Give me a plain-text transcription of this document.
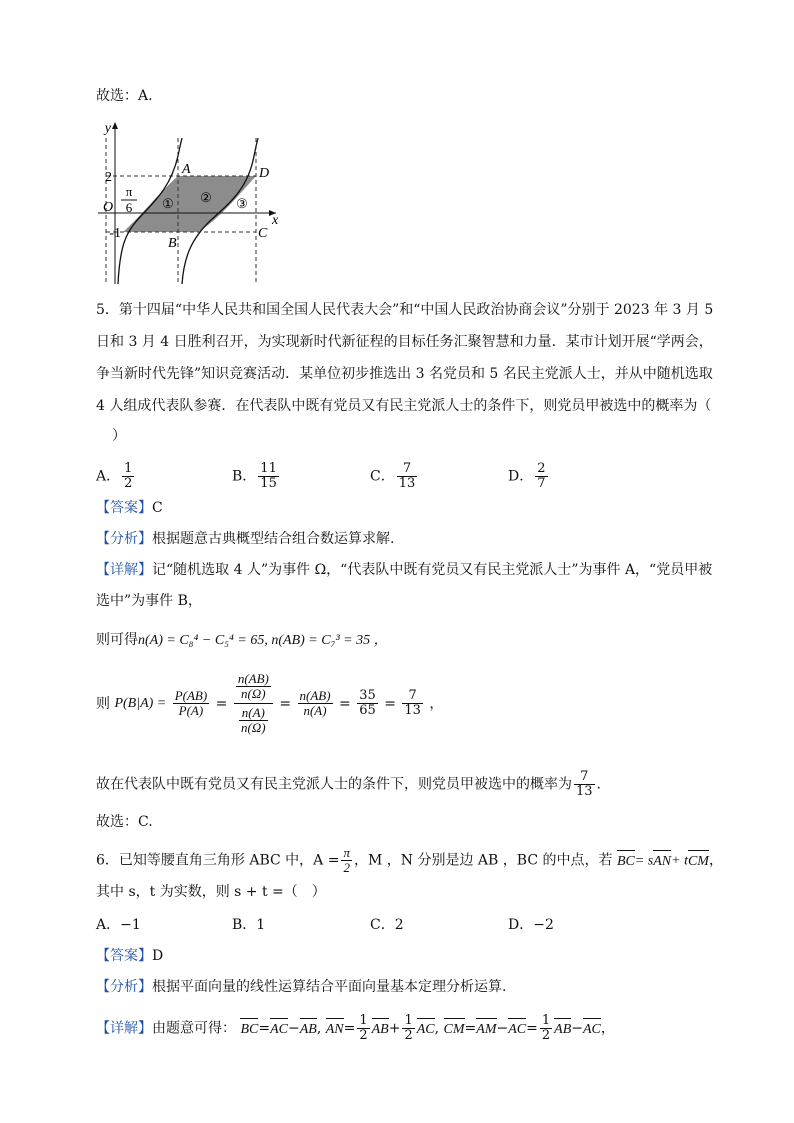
故选：A.
y
x
O
2
π
6
-1
A
B
C
D
① ② ③
5．第十四届“中华人民共和国全国人民代表大会”和“中国人民政治协商会议”分别于 2023 年 3 月 5
日和 3 月 4 日胜利召开，为实现新时代新征程的目标任务汇聚智慧和力量．某市计划开展“学两会，
争当新时代先锋”知识竞赛活动．某单位初步推选出 3 名党员和 5 名民主党派人士，并从中随机选取
4 人组成代表队参赛．在代表队中既有党员又有民主党派人士的条件下，则党员甲被选中的概率为（
）
A． $\frac{1}{2}$	B． $\frac{11}{15}$	C． $\frac{7}{13}$	D． $\frac{2}{7}$
【答案】C
【分析】根据题意古典概型结合组合数运算求解.
【详解】记“随机选取 4 人”为事件 Ω，“代表队中既有党员又有民主党派人士”为事件 A，“党员甲被
选中”为事件 B，
则可得n(A) = C₈⁴ − C₅⁴ = 65, n(AB) = C₇³ = 35 ，
则 $P(B|A) = \frac{P(AB)}{P(A)} = \frac{\frac{n(AB)}{n(\Omega)}}{\frac{n(A)}{n(\Omega)}} = \frac{n(AB)}{n(A)} = \frac{35}{65} = \frac{7}{13}$ ，
故在代表队中既有党员又有民主党派人士的条件下，则党员甲被选中的概率为 $\frac{7}{13}$ .
故选：C.
6．已知等腰直角三角形 ABC 中，$A = \frac{\pi}{2}$ ，M ，N 分别是边 AB ，BC 的中点，若 BC= sAN+ tCM，
其中 s，t 为实数，则 s + t =（　）
A．−1	B．1	C．2	D．−2
【答案】D
【分析】根据平面向量的线性运算结合平面向量基本定理分析运算.
【详解】由题意可得： BC=AC−AB, $AN= \frac{1}{2} AB+ \frac{1}{2}$ AC, $CM=AM-AC= \frac{1}{2} AB-AC$，
